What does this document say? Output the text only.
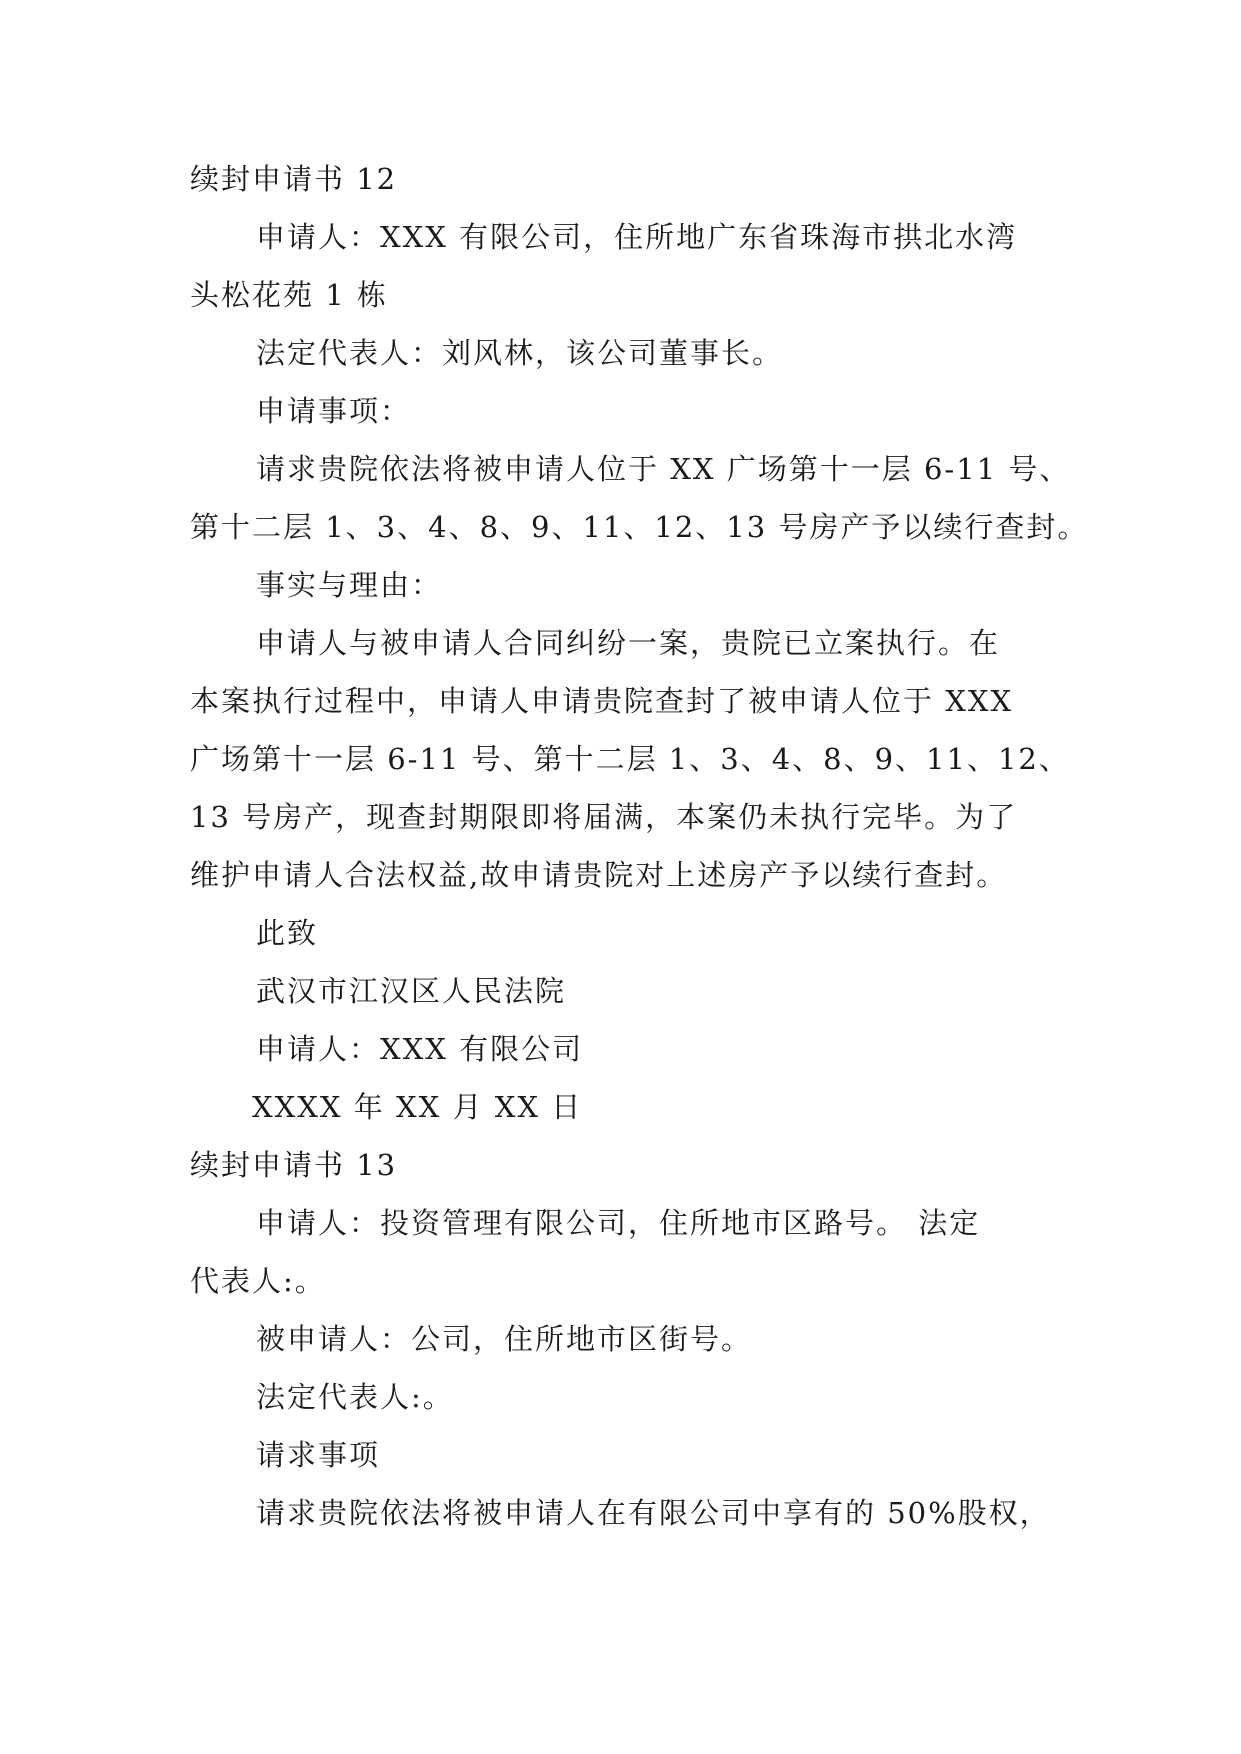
续封申请书 12
申请人：XXX 有限公司，住所地广东省珠海市拱北水湾
头松花苑 1 栋
法定代表人：刘风林，该公司董事长。
申请事项：
请求贵院依法将被申请人位于 XX 广场第十一层 6-11 号、
第十二层 1、3、4、8、9、11、12、13 号房产予以续行查封。
事实与理由：
申请人与被申请人合同纠纷一案，贵院已立案执行。在
本案执行过程中，申请人申请贵院查封了被申请人位于 XXX
广场第十一层 6-11 号、第十二层 1、3、4、8、9、11、12、
13 号房产，现查封期限即将届满，本案仍未执行完毕。为了
维护申请人合法权益,故申请贵院对上述房产予以续行查封。
此致
武汉市江汉区人民法院
申请人：XXX 有限公司
XXXX 年 XX 月 XX 日
续封申请书 13
申请人：投资管理有限公司，住所地市区路号。 法定
代表人:。
被申请人：公司，住所地市区街号。
法定代表人:。
请求事项
请求贵院依法将被申请人在有限公司中享有的 50%股权，
